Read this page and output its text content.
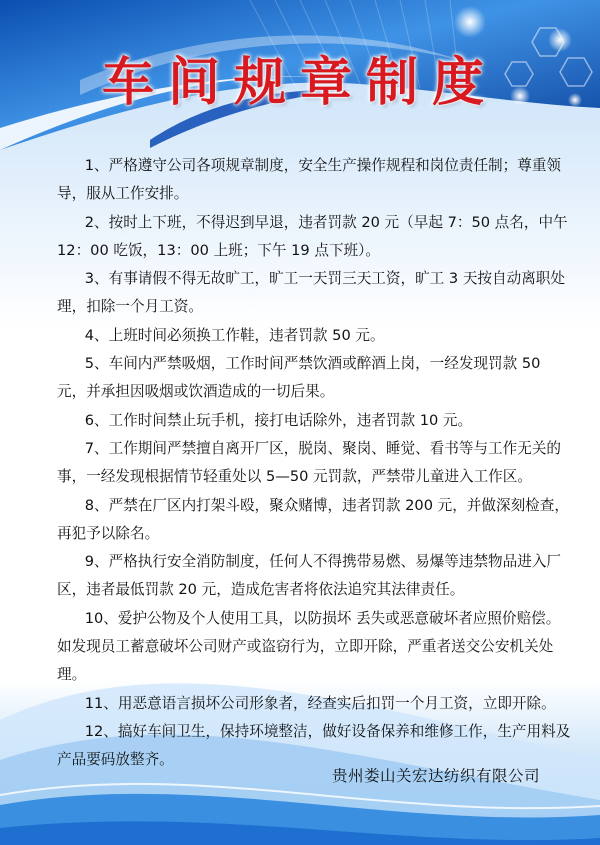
车间规章制度
1、严格遵守公司各项规章制度，安全生产操作规程和岗位责任制；尊重领导，服从工作安排。
2、按时上下班，不得迟到早退，违者罚款 20 元（早起 7：50 点名，中午 12：00 吃饭，13：00 上班；下午 19 点下班）。
3、有事请假不得无故旷工，旷工一天罚三天工资，旷工 3 天按自动离职处理，扣除一个月工资。
4、上班时间必须换工作鞋，违者罚款 50 元。
5、车间内严禁吸烟，工作时间严禁饮酒或醉酒上岗，一经发现罚款 50 元，并承担因吸烟或饮酒造成的一切后果。
6、工作时间禁止玩手机，接打电话除外，违者罚款 10 元。
7、工作期间严禁擅自离开厂区，脱岗、聚岗、睡觉、看书等与工作无关的事，一经发现根据情节轻重处以 5—50 元罚款，严禁带儿童进入工作区。
8、严禁在厂区内打架斗殴，聚众赌博，违者罚款 200 元，并做深刻检查，再犯予以除名。
9、严格执行安全消防制度，任何人不得携带易燃、易爆等违禁物品进入厂区，违者最低罚款 20 元，造成危害者将依法追究其法律责任。
10、爱护公物及个人使用工具，以防损坏 丢失或恶意破坏者应照价赔偿。如发现员工蓄意破坏公司财产或盗窃行为，立即开除，严重者送交公安机关处理。
11、用恶意语言损坏公司形象者，经查实后扣罚一个月工资，立即开除。
12、搞好车间卫生，保持环境整洁，做好设备保养和维修工作，生产用料及产品要码放整齐。
贵州娄山关宏达纺织有限公司
